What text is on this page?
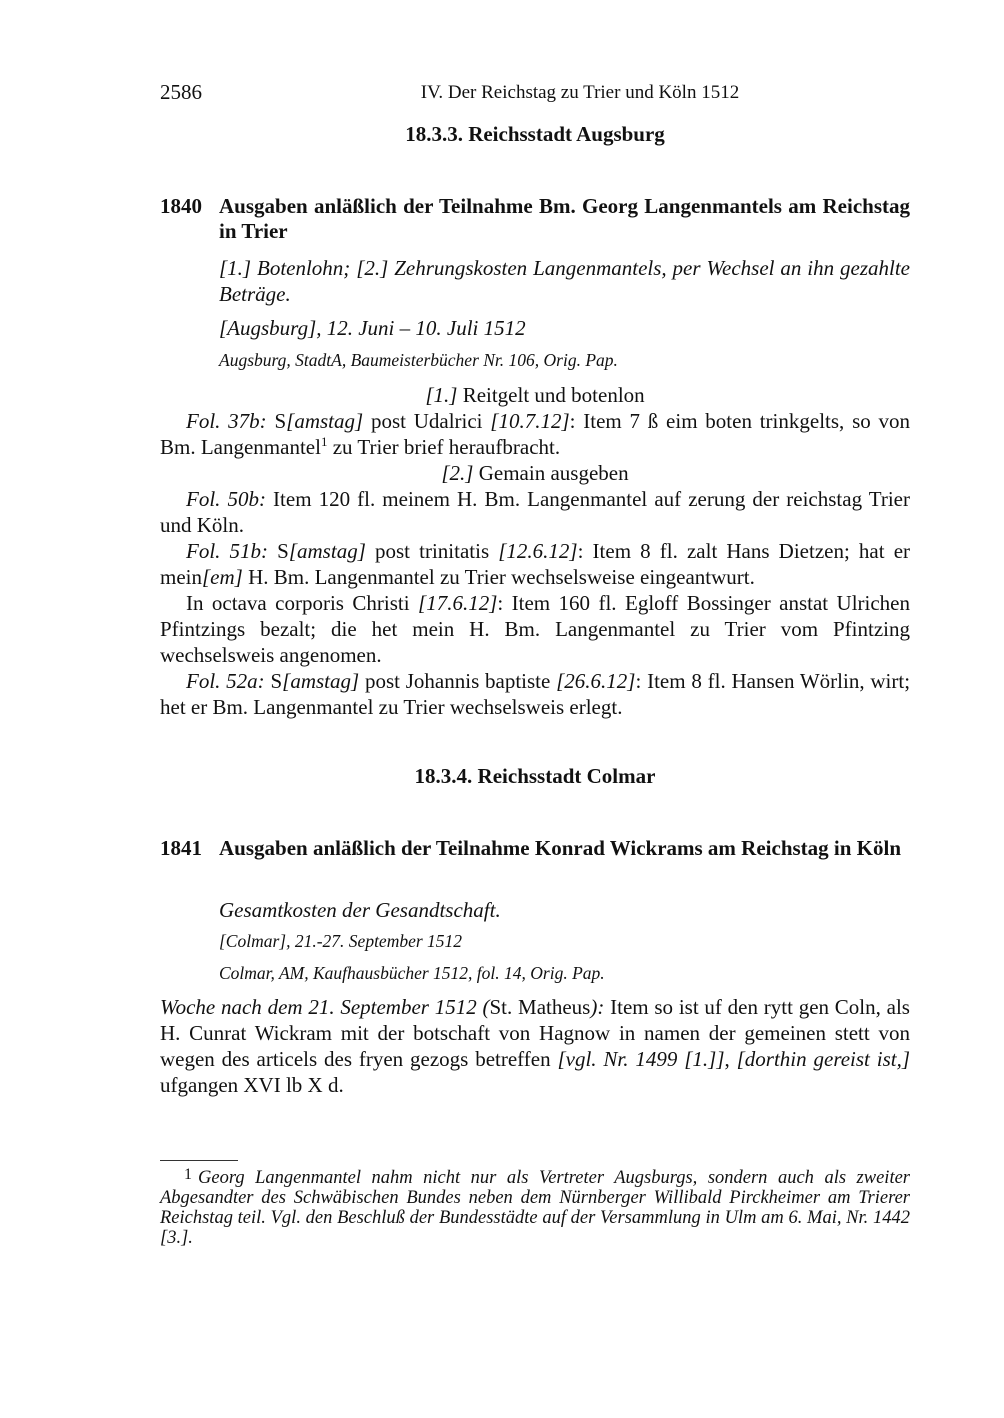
2586	IV. Der Reichstag zu Trier und Köln 1512
18.3.3. Reichsstadt Augsburg
1840 Ausgaben anläßlich der Teilnahme Bm. Georg Langenmantels am Reichstag in Trier
[1.] Botenlohn; [2.] Zehrungskosten Langenmantels, per Wechsel an ihn gezahlte Beträge.
[Augsburg], 12. Juni – 10. Juli 1512
Augsburg, StadtA, Baumeisterbücher Nr. 106, Orig. Pap.
[1.] Reitgelt und botenlon

Fol. 37b: S[amstag] post Udalrici [10.7.12]: Item 7 ß eim boten trinkgelts, so von Bm. Langenmantel$^1$ zu Trier brief heraufbracht.

[2.] Gemain ausgeben

Fol. 50b: Item 120 fl. meinem H. Bm. Langenmantel auf zerung der reichstag Trier und Köln.

Fol. 51b: S[amstag] post trinitatis [12.6.12]: Item 8 fl. zalt Hans Dietzen; hat er mein[em] H. Bm. Langenmantel zu Trier wechselsweise eingeantwurt.

In octava corporis Christi [17.6.12]: Item 160 fl. Egloff Bossinger anstat Ulrichen Pfintzings bezalt; die het mein H. Bm. Langenmantel zu Trier vom Pfintzing wechselsweis angenomen.

Fol. 52a: S[amstag] post Johannis baptiste [26.6.12]: Item 8 fl. Hansen Wörlin, wirt; het er Bm. Langenmantel zu Trier wechselsweis erlegt.

18.3.4. Reichsstadt Colmar
1841 Ausgaben anläßlich der Teilnahme Konrad Wickrams am Reichstag in Köln
Gesamtkosten der Gesandtschaft.
[Colmar], 21.-27. September 1512
Colmar, AM, Kaufhausbücher 1512, fol. 14, Orig. Pap.

Woche nach dem 21. September 1512 (St. Matheus): Item so ist uf den rytt gen Coln, als H. Cunrat Wickram mit der botschaft von Hagnow in namen der gemeinen stett von wegen des articels des fryen gezogs betreffen [vgl. Nr. 1499 [1.]], [dorthin gereist ist,] ufgangen XVI lb X d.

1 Georg Langenmantel nahm nicht nur als Vertreter Augsburgs, sondern auch als zweiter Abgesandter des Schwäbischen Bundes neben dem Nürnberger Willibald Pirckheimer am Trierer Reichstag teil. Vgl. den Beschluß der Bundesstädte auf der Versammlung in Ulm am 6. Mai, Nr. 1442 [3.].
